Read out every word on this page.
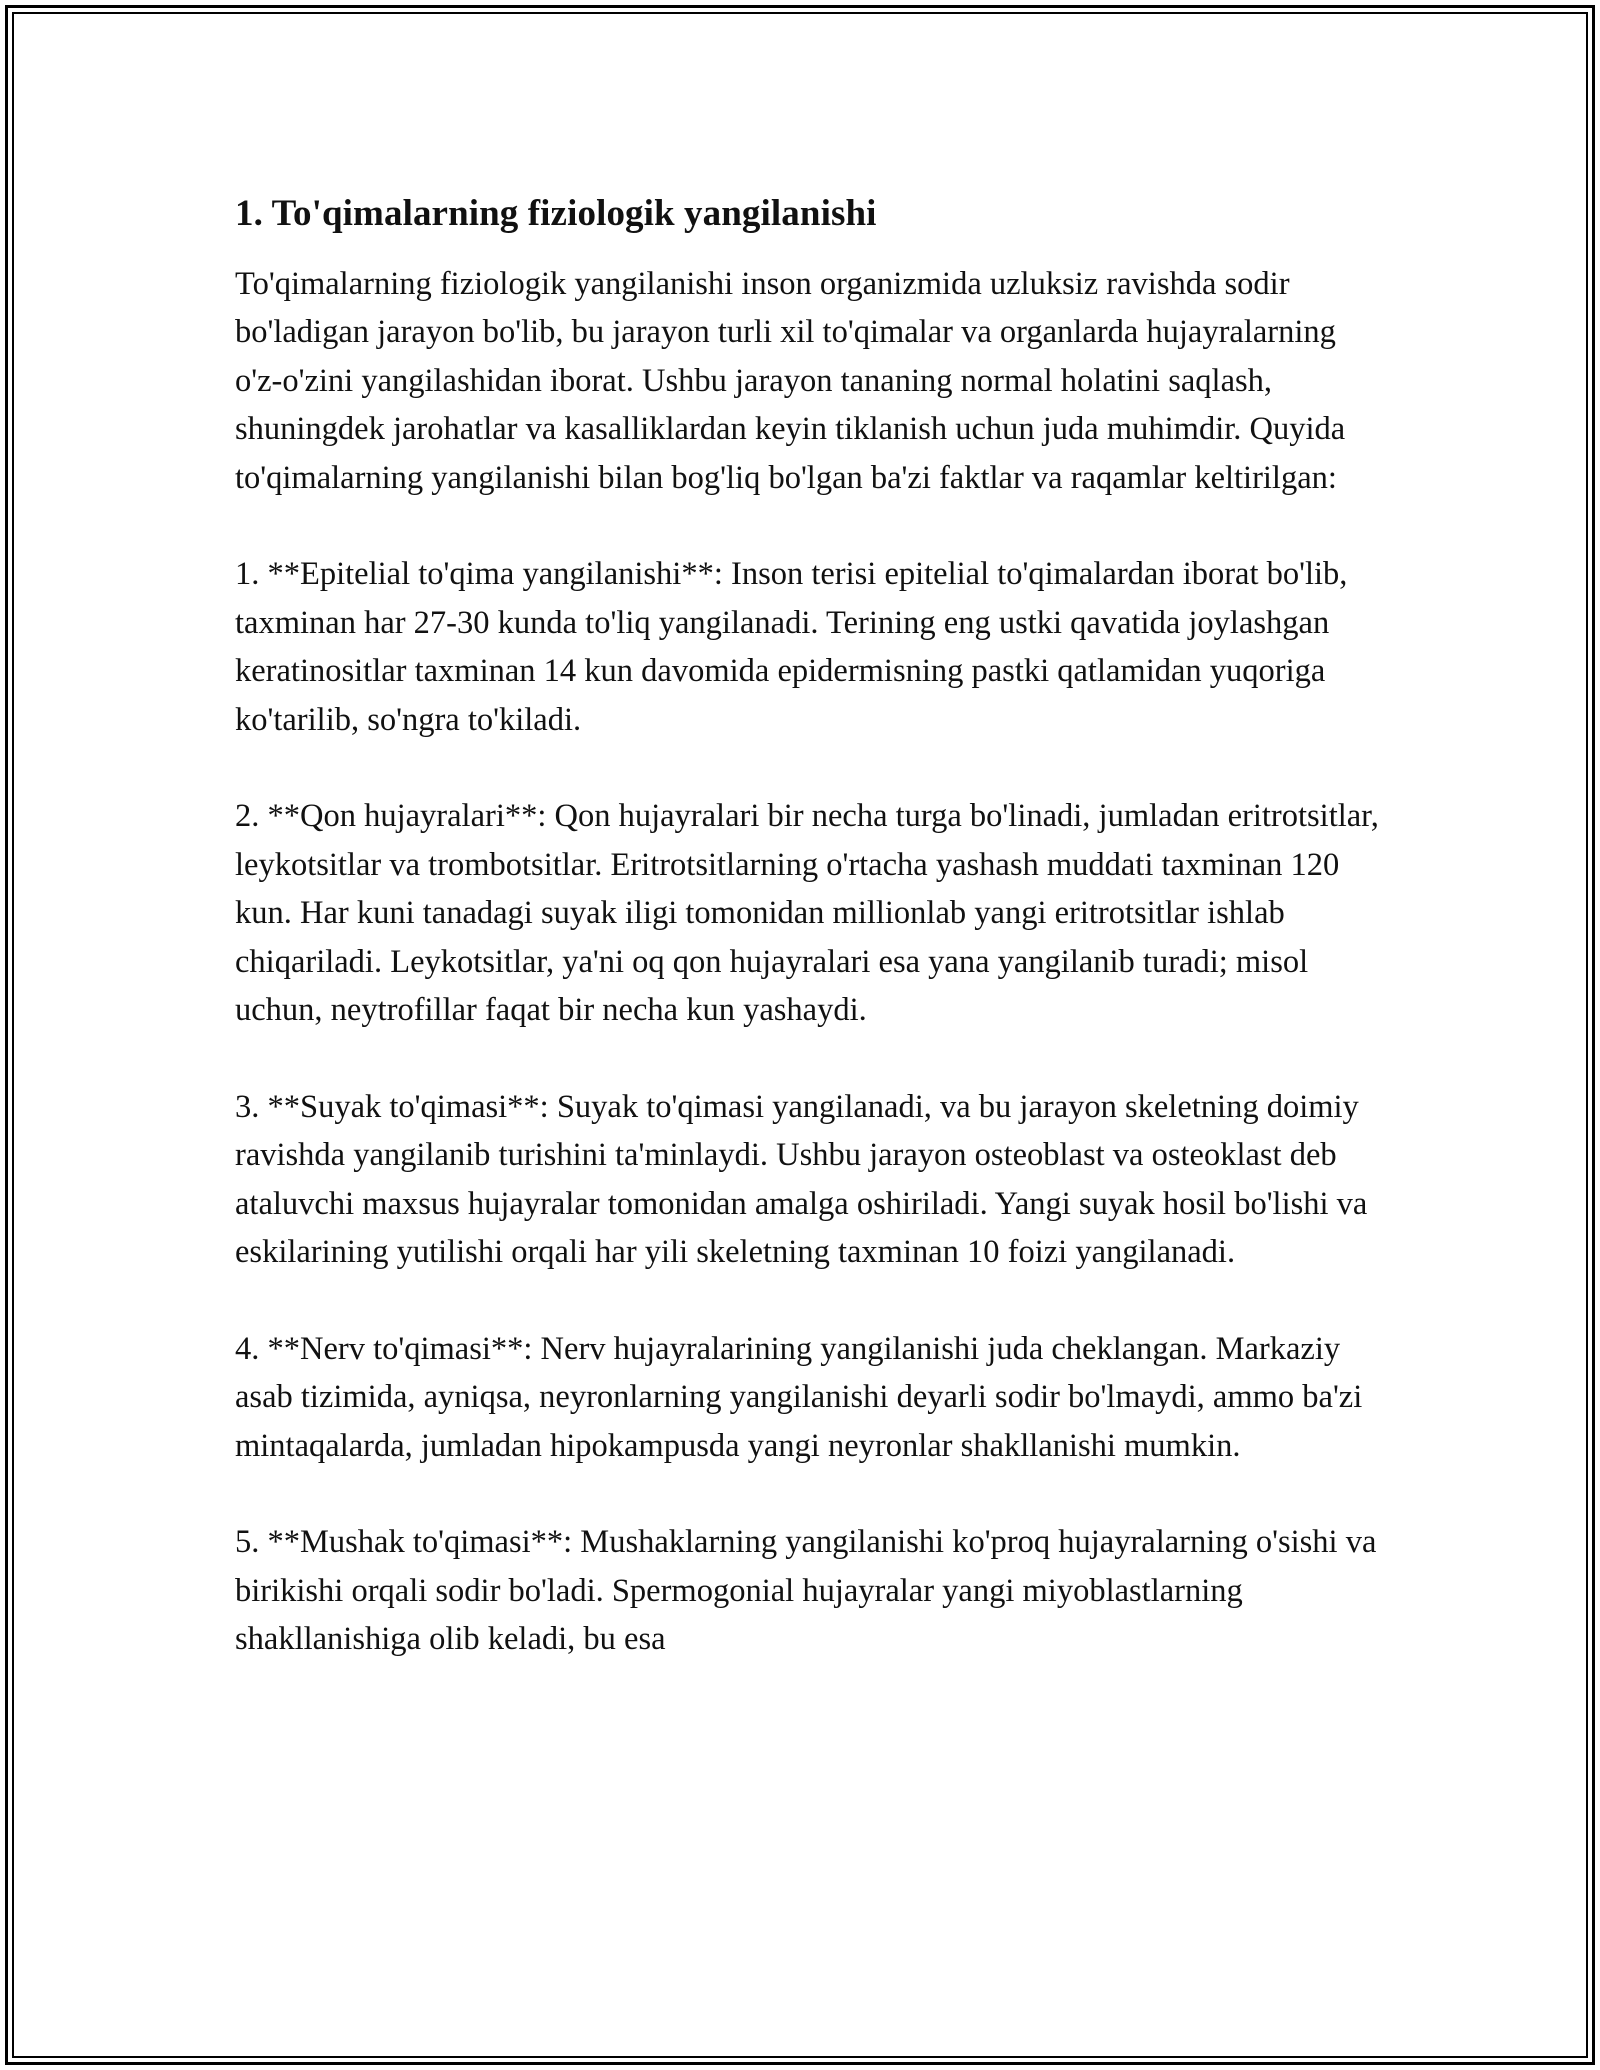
1. To'qimalarning fiziologik yangilanishi

To'qimalarning fiziologik yangilanishi inson organizmida uzluksiz ravishda sodir bo'ladigan jarayon bo'lib, bu jarayon turli xil to'qimalar va organlarda hujayralarning o'z-o'zini yangilashidan iborat. Ushbu jarayon tananing normal holatini saqlash, shuningdek jarohatlar va kasalliklardan keyin tiklanish uchun juda muhimdir. Quyida to'qimalarning yangilanishi bilan bog'liq bo'lgan ba'zi faktlar va raqamlar keltirilgan:

1. **Epitelial to'qima yangilanishi**: Inson terisi epitelial to'qimalardan iborat bo'lib, taxminan har 27-30 kunda to'liq yangilanadi. Terining eng ustki qavatida joylashgan keratinositlar taxminan 14 kun davomida epidermisning pastki qatlamidan yuqoriga ko'tarilib, so'ngra to'kiladi.

2. **Qon hujayralari**: Qon hujayralari bir necha turga bo'linadi, jumladan eritrotsitlar, leykotsitlar va trombotsitlar. Eritrotsitlarning o'rtacha yashash muddati taxminan 120 kun. Har kuni tanadagi suyak iligi tomonidan millionlab yangi eritrotsitlar ishlab chiqariladi. Leykotsitlar, ya'ni oq qon hujayralari esa yana yangilanib turadi; misol uchun, neytrofillar faqat bir necha kun yashaydi.

3. **Suyak to'qimasi**: Suyak to'qimasi yangilanadi, va bu jarayon skeletning doimiy ravishda yangilanib turishini ta'minlaydi. Ushbu jarayon osteoblast va osteoklast deb ataluvchi maxsus hujayralar tomonidan amalga oshiriladi. Yangi suyak hosil bo'lishi va eskilarining yutilishi orqali har yili skeletning taxminan 10 foizi yangilanadi.

4. **Nerv to'qimasi**: Nerv hujayralarining yangilanishi juda cheklangan. Markaziy asab tizimida, ayniqsa, neyronlarning yangilanishi deyarli sodir bo'lmaydi, ammo ba'zi mintaqalarda, jumladan hipokampusda yangi neyronlar shakllanishi mumkin.

5. **Mushak to'qimasi**: Mushaklarning yangilanishi ko'proq hujayralarning o'sishi va birikishi orqali sodir bo'ladi. Spermogonial hujayralar yangi miyoblastlarning shakllanishiga olib keladi, bu esa
